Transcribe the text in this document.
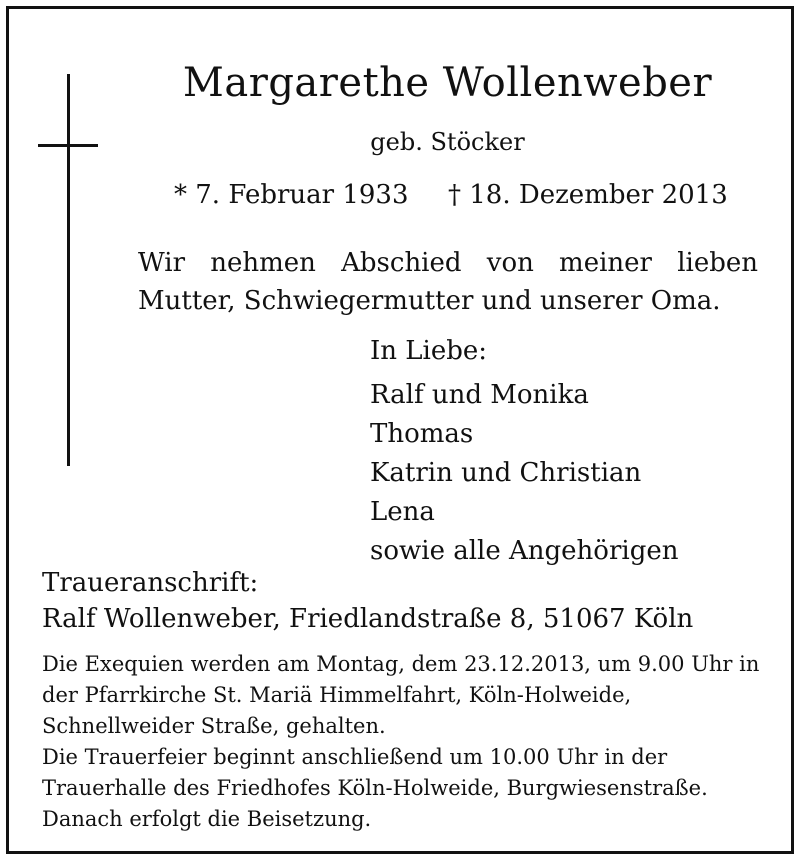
Margarethe Wollenweber
geb. Stöcker
* 7. Februar 1933 † 18. Dezember 2013
Wir nehmen Abschied von meiner lieben
Mutter, Schwiegermutter und unserer Oma.
In Liebe:
Ralf und Monika
Thomas
Katrin und Christian
Lena
sowie alle Angehörigen
Traueranschrift:
Ralf Wollenweber, Friedlandstraße 8, 51067 Köln
Die Exequien werden am Montag, dem 23.12.2013, um 9.00 Uhr in
der Pfarrkirche St. Mariä Himmelfahrt, Köln-Holweide,
Schnellweider Straße, gehalten.
Die Trauerfeier beginnt anschließend um 10.00 Uhr in der
Trauerhalle des Friedhofes Köln-Holweide, Burgwiesenstraße.
Danach erfolgt die Beisetzung.
